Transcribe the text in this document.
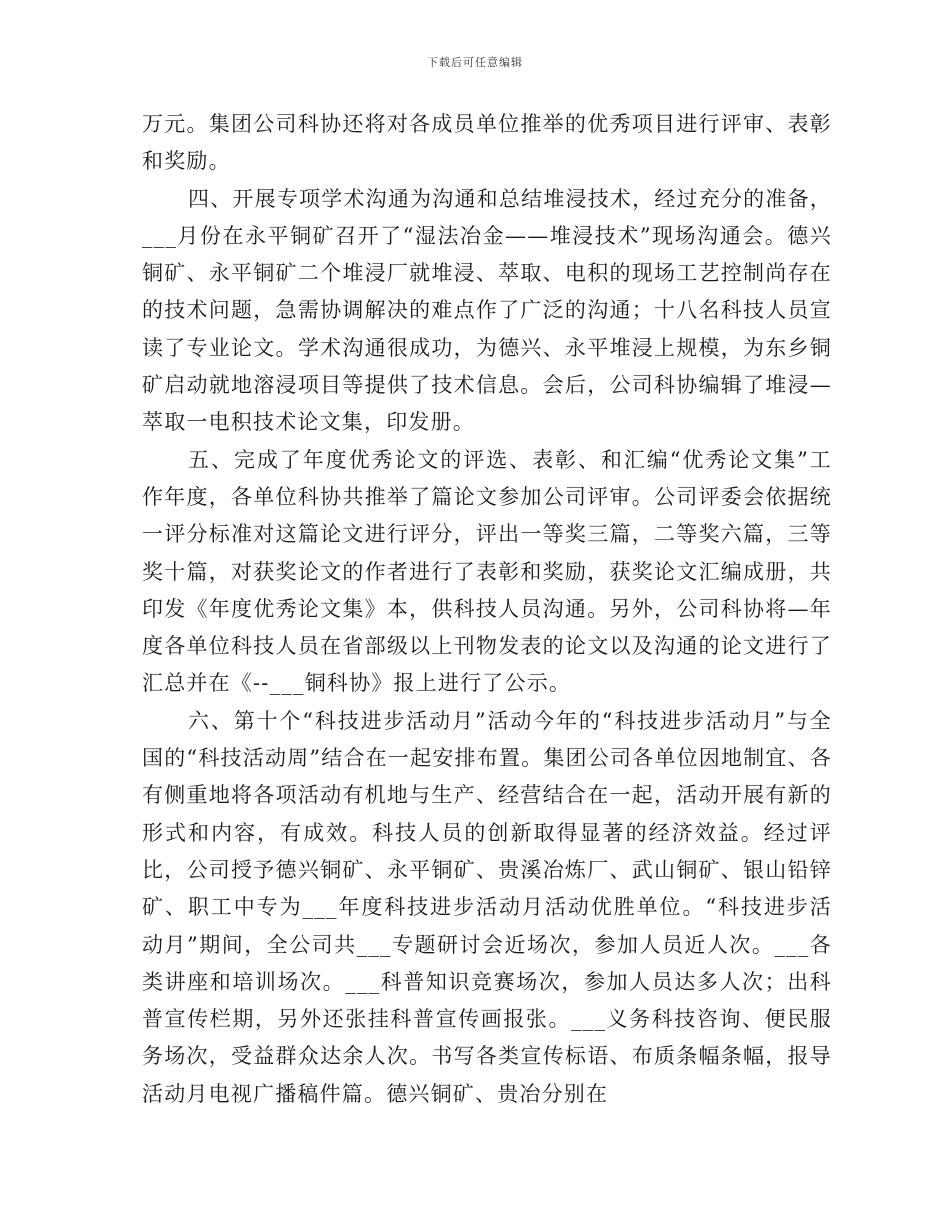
下载后可任意编辑

万元。集团公司科协还将对各成员单位推举的优秀项目进行评审、表彰和奖励。

四、开展专项学术沟通为沟通和总结堆浸技术，经过充分的准备，___月份在永平铜矿召开了“湿法冶金——堆浸技术”现场沟通会。德兴铜矿、永平铜矿二个堆浸厂就堆浸、萃取、电积的现场工艺控制尚存在的技术问题，急需协调解决的难点作了广泛的沟通；十八名科技人员宣读了专业论文。学术沟通很成功，为德兴、永平堆浸上规模，为东乡铜矿启动就地溶浸项目等提供了技术信息。会后，公司科协编辑了堆浸—萃取一电积技术论文集，印发册。

五、完成了年度优秀论文的评选、表彰、和汇编“优秀论文集”工作年度，各单位科协共推举了篇论文参加公司评审。公司评委会依据统一评分标准对这篇论文进行评分，评出一等奖三篇，二等奖六篇，三等奖十篇，对获奖论文的作者进行了表彰和奖励，获奖论文汇编成册，共印发《年度优秀论文集》本，供科技人员沟通。另外，公司科协将—年度各单位科技人员在省部级以上刊物发表的论文以及沟通的论文进行了汇总并在《--___铜科协》报上进行了公示。

六、第十个“科技进步活动月”活动今年的“科技进步活动月”与全国的“科技活动周”结合在一起安排布置。集团公司各单位因地制宜、各有侧重地将各项活动有机地与生产、经营结合在一起，活动开展有新的形式和内容，有成效。科技人员的创新取得显著的经济效益。经过评比，公司授予德兴铜矿、永平铜矿、贵溪冶炼厂、武山铜矿、银山铅锌矿、职工中专为___年度科技进步活动月活动优胜单位。“科技进步活动月”期间，全公司共___专题研讨会近场次，参加人员近人次。___各类讲座和培训场次。___科普知识竞赛场次，参加人员达多人次；出科普宣传栏期，另外还张挂科普宣传画报张。___义务科技咨询、便民服务场次，受益群众达余人次。书写各类宣传标语、布质条幅条幅，报导活动月电视广播稿件篇。德兴铜矿、贵冶分别在
